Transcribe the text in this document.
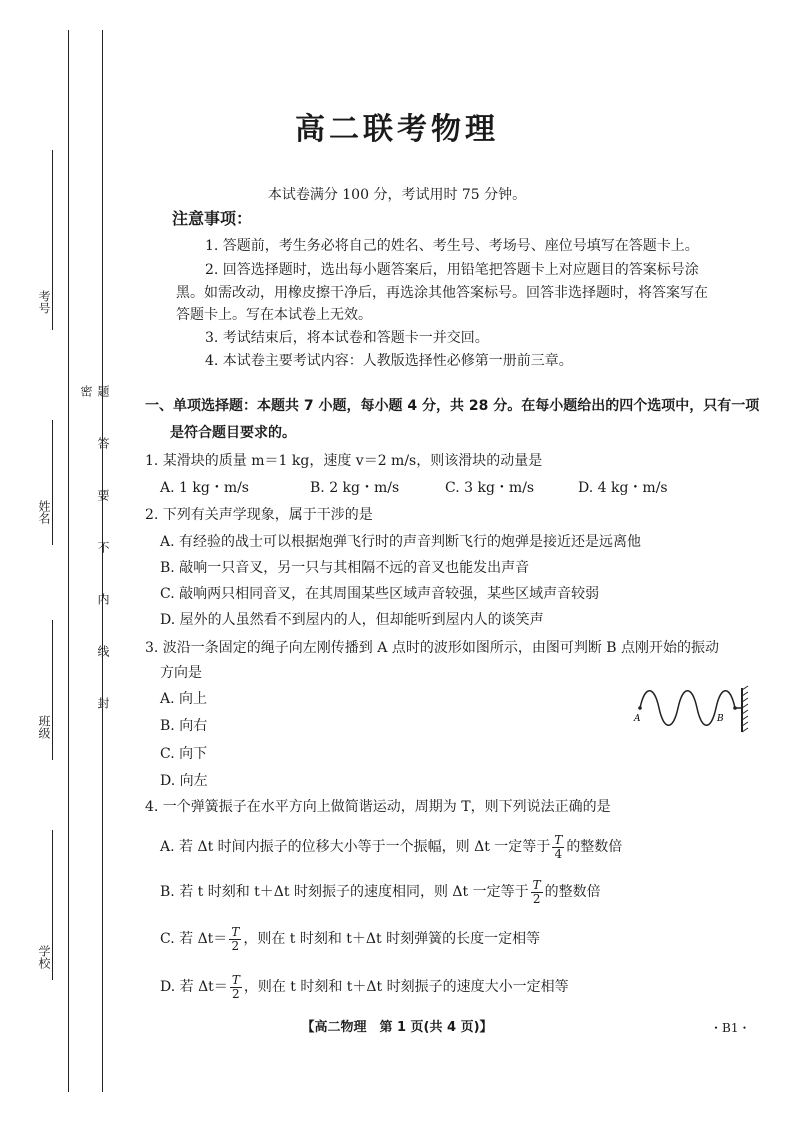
考号
姓名
班级
学校
题答要不内线封密
高二联考物理
本试卷满分 100 分，考试用时 75 分钟。
注意事项：
1. 答题前，考生务必将自己的姓名、考生号、考场号、座位号填写在答题卡上。
2. 回答选择题时，选出每小题答案后，用铅笔把答题卡上对应题目的答案标号涂
黑。如需改动，用橡皮擦干净后，再选涂其他答案标号。回答非选择题时，将答案写在
答题卡上。写在本试卷上无效。
3. 考试结束后，将本试卷和答题卡一并交回。
4. 本试卷主要考试内容：人教版选择性必修第一册前三章。
一、单项选择题：本题共 7 小题，每小题 4 分，共 28 分。在每小题给出的四个选项中，只有一项
是符合题目要求的。
1. 某滑块的质量 m＝1 kg，速度 v＝2 m/s，则该滑块的动量是
A. 1 kg・m/s	B. 2 kg・m/s	C. 3 kg・m/s	D. 4 kg・m/s
2. 下列有关声学现象，属于干涉的是
A. 有经验的战士可以根据炮弹飞行时的声音判断飞行的炮弹是接近还是远离他
B. 敲响一只音叉，另一只与其相隔不远的音叉也能发出声音
C. 敲响两只相同音叉，在其周围某些区域声音较强，某些区域声音较弱
D. 屋外的人虽然看不到屋内的人，但却能听到屋内人的谈笑声
3. 波沿一条固定的绳子向左刚传播到 A 点时的波形如图所示，由图可判断 B 点刚开始的振动
方向是
A. 向上
B. 向右
C. 向下
D. 向左
A	B
4. 一个弹簧振子在水平方向上做简谐运动，周期为 T，则下列说法正确的是
A. 若 Δt 时间内振子的位移大小等于一个振幅，则 Δt 一定等于 $\frac{T}{4}$ 的整数倍
B. 若 t 时刻和 t＋Δt 时刻振子的速度相同，则 Δt 一定等于 $\frac{T}{2}$ 的整数倍
C. 若 $\Delta t= \frac{T}{2}$ ，则在 t 时刻和 t＋Δt 时刻弹簧的长度一定相等
D. 若 $\Delta t= \frac{T}{2}$ ，则在 t 时刻和 t＋Δt 时刻振子的速度大小一定相等
【高二物理　第 1 页(共 4 页)】	・B1・
